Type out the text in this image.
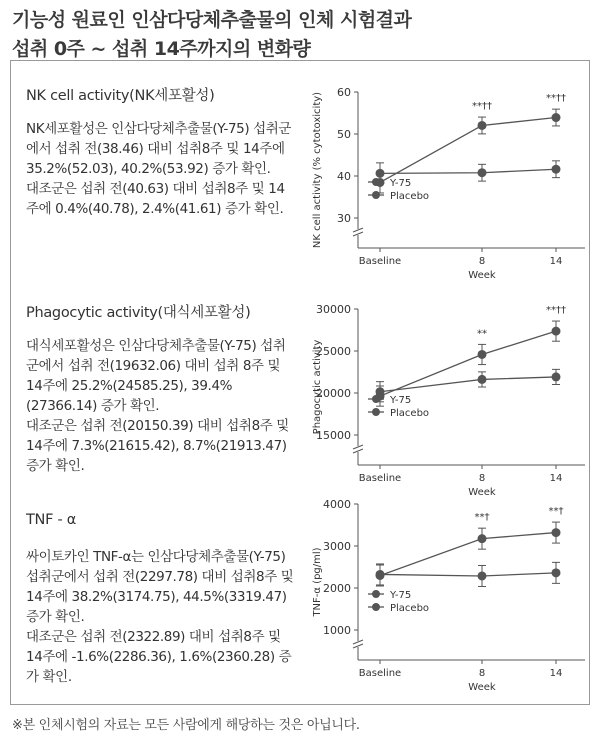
기능성 원료인 인삼다당체추출물의 인체 시험결과
섭취 0주 ~ 섭취 14주까지의 변화량
NK cell activity(NK세포활성)

NK세포활성은 인삼다당체추출물(Y-75) 섭취군에서 섭취 전(38.46) 대비 섭취8주 및 14주에 35.2%(52.03), 40.2%(53.92) 증가 확인.

대조군은 섭취 전(40.63) 대비 섭취8주 및 14주에 0.4%(40.78), 2.4%(41.61) 증가 확인.

30
40
50
60
Baseline	8	14
Week
NK cell activity (% cytotoxicity)	**††
**††
Y-75
Placebo
Phagocytic activity(대식세포활성)

대식세포활성은 인삼다당체추출물(Y-75) 섭취군에서 섭취 전(19632.06) 대비 섭취 8주 및 14주에 25.2%(24585.25), 39.4%(27366.14) 증가 확인.

대조군은 섭취 전(20150.39) 대비 섭취8주 및 14주에 7.3%(21615.42), 8.7%(21913.47) 증가 확인.

15000
20000
25000
30000
Baseline	8	14
Week
Phagocytic activity
**
**††
Y-75
Placebo
TNF - α

싸이토카인 TNF-α는 인삼다당체추출물(Y-75) 섭취군에서 섭취 전(2297.78) 대비 섭취8주 및 14주에 38.2%(3174.75), 44.5%(3319.47) 증가 확인.

대조군은 섭취 전(2322.89) 대비 섭취8주 및 14주에 -1.6%(2286.36), 1.6%(2360.28) 증가 확인.

1000
2000
3000
4000
Baseline	8	14
Week
TNF-α (pg/ml)
**†
**†
Y-75
Placebo
※본 인체시험의 자료는 모든 사람에게 해당하는 것은 아닙니다.
